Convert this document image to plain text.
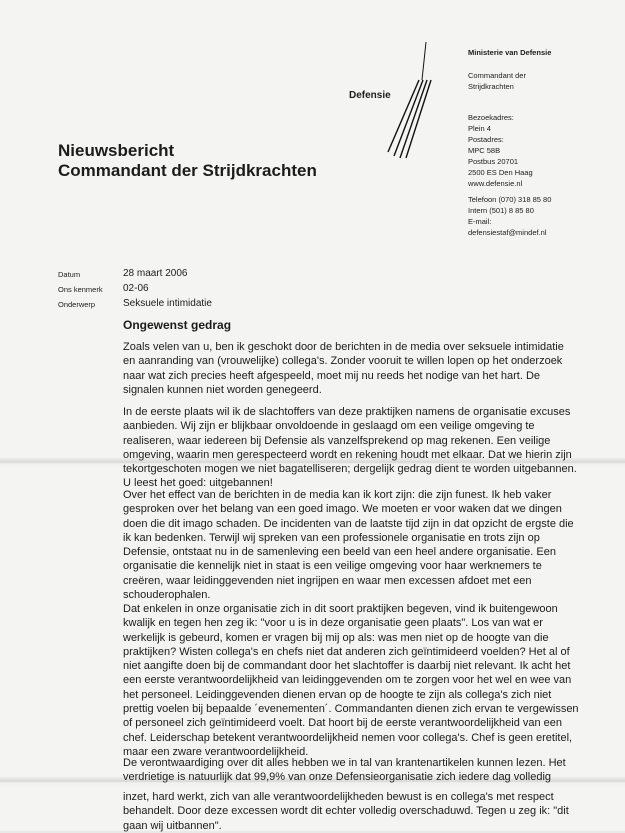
Defensie
Ministerie van Defensie
Commandant der
Strijdkrachten
Bezoekadres:
Plein 4
Postadres:
MPC 58B
Postbus 20701
2500 ES Den Haag
www.defensie.nl
Telefoon (070) 318 85 80
Intern (501) 8 85 80
E-mail:
defensiestaf@mindef.nl
Nieuwsbericht
Commandant der Strijdkrachten
Datum	28 maart 2006
Ons kenmerk 02-06
Onderwerp	Seksuele intimidatie
Ongewenst gedrag
Zoals velen van u, ben ik geschokt door de berichten in de media over seksuele intimidatie
en aanranding van (vrouwelijke) collega's. Zonder vooruit te willen lopen op het onderzoek
naar wat zich precies heeft afgespeeld, moet mij nu reeds het nodige van het hart. De
signalen kunnen niet worden genegeerd.
In de eerste plaats wil ik de slachtoffers van deze praktijken namens de organisatie excuses
aanbieden. Wij zijn er blijkbaar onvoldoende in geslaagd om een veilige omgeving te
realiseren, waar iedereen bij Defensie als vanzelfsprekend op mag rekenen. Een veilige
omgeving, waarin men gerespecteerd wordt en rekening houdt met elkaar. Dat we hierin zijn
tekortgeschoten mogen we niet bagatelliseren; dergelijk gedrag dient te worden uitgebannen.
U leest het goed: uitgebannen!
Over het effect van de berichten in de media kan ik kort zijn: die zijn funest. Ik heb vaker
gesproken over het belang van een goed imago. We moeten er voor waken dat we dingen
doen die dit imago schaden. De incidenten van de laatste tijd zijn in dat opzicht de ergste die
ik kan bedenken. Terwijl wij spreken van een professionele organisatie en trots zijn op
Defensie, ontstaat nu in de samenleving een beeld van een heel andere organisatie. Een
organisatie die kennelijk niet in staat is een veilige omgeving voor haar werknemers te
creëren, waar leidinggevenden niet ingrijpen en waar men excessen afdoet met een
schouderophalen.
Dat enkelen in onze organisatie zich in dit soort praktijken begeven, vind ik buitengewoon
kwalijk en tegen hen zeg ik: "voor u is in deze organisatie geen plaats". Los van wat er
werkelijk is gebeurd, komen er vragen bij mij op als: was men niet op de hoogte van die
praktijken? Wisten collega's en chefs niet dat anderen zich geïntimideerd voelden? Het al of
niet aangifte doen bij de commandant door het slachtoffer is daarbij niet relevant. Ik acht het
een eerste verantwoordelijkheid van leidinggevenden om te zorgen voor het wel en wee van
het personeel. Leidinggevenden dienen ervan op de hoogte te zijn als collega's zich niet
prettig voelen bij bepaalde ´evenementen´. Commandanten dienen zich ervan te vergewissen
of personeel zich geïntimideerd voelt. Dat hoort bij de eerste verantwoordelijkheid van een
chef. Leiderschap betekent verantwoordelijkheid nemen voor collega's. Chef is geen eretitel,
maar een zware verantwoordelijkheid.
De verontwaardiging over dit alles hebben we in tal van krantenartikelen kunnen lezen. Het
verdrietige is natuurlijk dat 99,9% van onze Defensieorganisatie zich iedere dag volledig
inzet, hard werkt, zich van alle verantwoordelijkheden bewust is en collega's met respect
behandelt. Door deze excessen wordt dit echter volledig overschaduwd. Tegen u zeg ik: "dit
gaan wij uitbannen".
